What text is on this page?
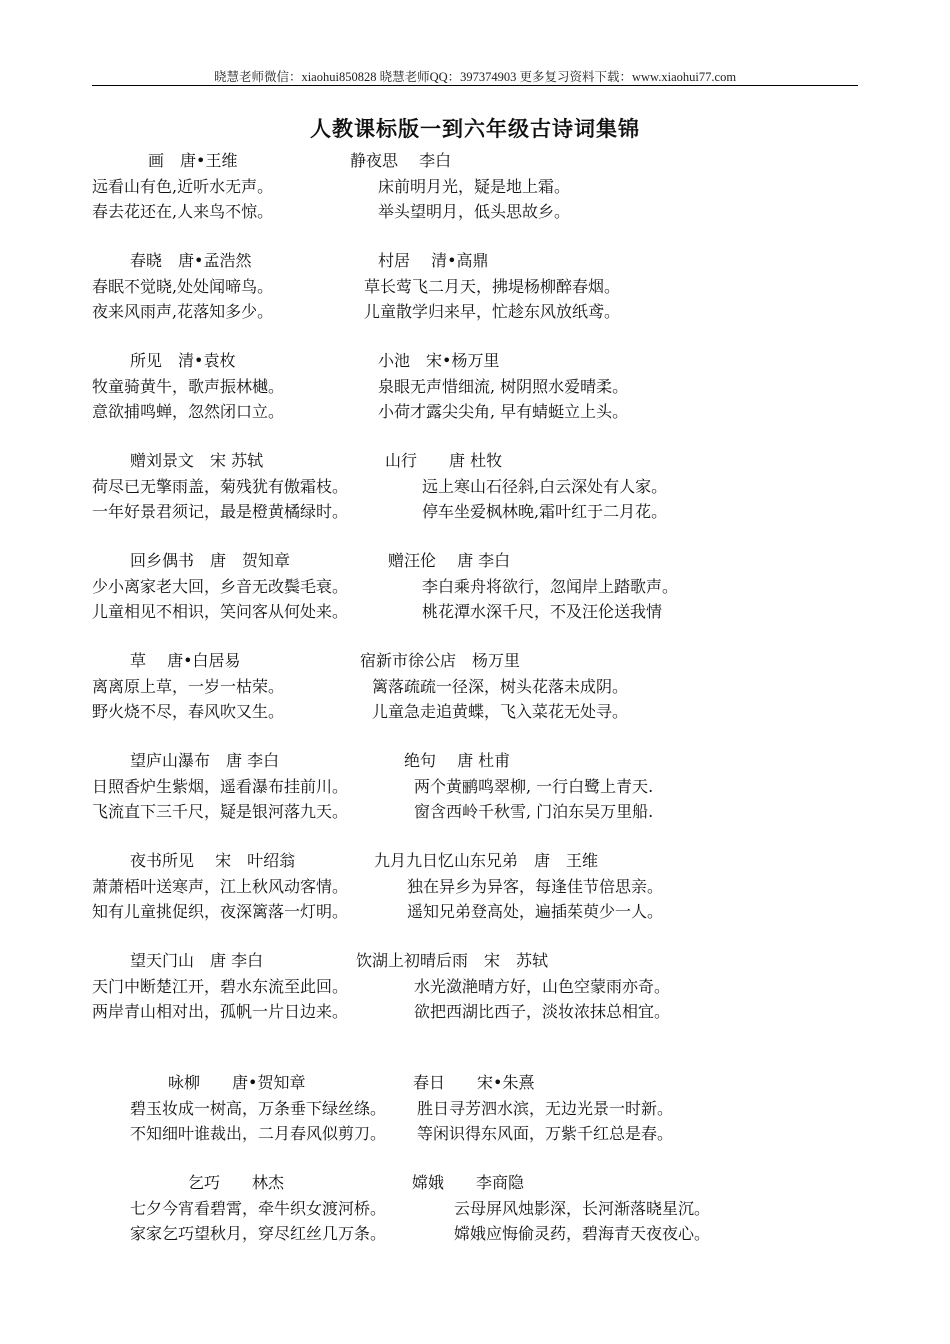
晓慧老师微信：xiaohui850828 晓慧老师QQ：397374903 更多复习资料下载：www.xiaohui77.com
人教课标版一到六年级古诗词集锦
画　唐•王维
远看山有色,近听水无声。
春去花还在,人来鸟不惊。
静夜思　 李白
床前明月光，疑是地上霜。
举头望明月，低头思故乡。
春晓　唐•孟浩然
春眠不觉晓,处处闻啼鸟。
夜来风雨声,花落知多少。
村居　 清•高鼎
草长莺飞二月天，拂堤杨柳醉春烟。
儿童散学归来早，忙趁东风放纸鸢。
所见　清•袁枚
牧童骑黄牛，歌声振林樾。
意欲捕鸣蝉，忽然闭口立。
小池　宋•杨万里
泉眼无声惜细流, 树阴照水爱晴柔。
小荷才露尖尖角, 早有蜻蜓立上头。
赠刘景文　宋 苏轼
荷尽已无擎雨盖，菊残犹有傲霜枝。
一年好景君须记，最是橙黄橘绿时。
山行　　唐 杜牧
远上寒山石径斜,白云深处有人家。
停车坐爱枫林晚,霜叶红于二月花。
回乡偶书　唐　贺知章
少小离家老大回，乡音无改鬓毛衰。
儿童相见不相识，笑问客从何处来。
赠汪伦　 唐 李白
李白乘舟将欲行，忽闻岸上踏歌声。
桃花潭水深千尺，不及汪伦送我情
草　 唐•白居易
离离原上草，一岁一枯荣。
野火烧不尽，春风吹又生。
宿新市徐公店　杨万里
篱落疏疏一径深，树头花落未成阴。
儿童急走追黄蝶，飞入菜花无处寻。
望庐山瀑布　唐 李白
日照香炉生紫烟，遥看瀑布挂前川。
飞流直下三千尺，疑是银河落九天。
绝句　 唐 杜甫
两个黄鹂鸣翠柳, 一行白鹭上青天.
窗含西岭千秋雪, 门泊东吴万里船.
夜书所见　 宋　叶绍翁
萧萧梧叶送寒声，江上秋风动客情。
知有儿童挑促织，夜深篱落一灯明。
九月九日忆山东兄弟　唐　王维
独在异乡为异客，每逢佳节倍思亲。
遥知兄弟登高处，遍插茱萸少一人。
望天门山　唐 李白
天门中断楚江开，碧水东流至此回。
两岸青山相对出，孤帆一片日边来。
饮湖上初晴后雨　宋　苏轼
水光潋滟晴方好，山色空蒙雨亦奇。
欲把西湖比西子，淡妆浓抹总相宜。
咏柳　　唐•贺知章
碧玉妆成一树高，万条垂下绿丝绦。
不知细叶谁裁出，二月春风似剪刀。
春日　　宋•朱熹
胜日寻芳泗水滨，无边光景一时新。
等闲识得东风面，万紫千红总是春。
乞巧　　林杰
七夕今宵看碧霄，牵牛织女渡河桥。
家家乞巧望秋月，穿尽红丝几万条。
嫦娥　　李商隐
云母屏风烛影深，长河渐落晓星沉。
嫦娥应悔偷灵药，碧海青天夜夜心。
